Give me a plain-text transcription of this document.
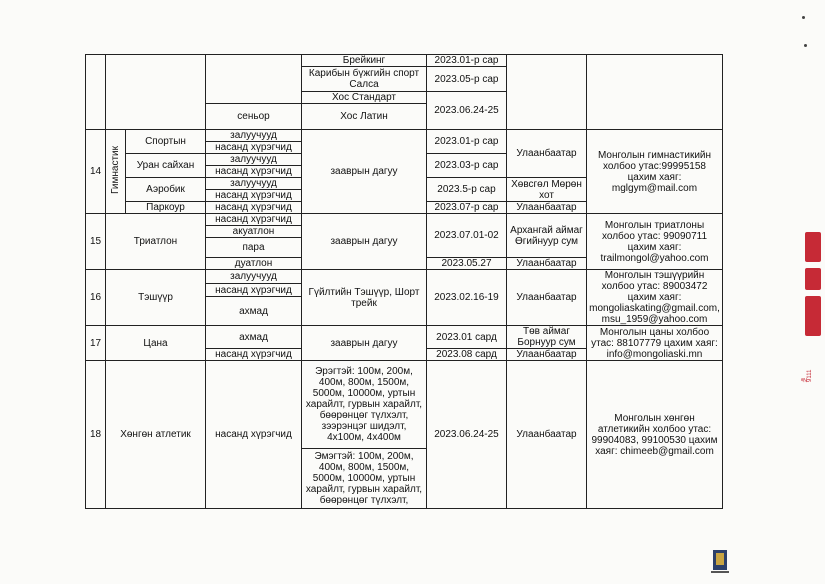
				Брейкинг	2023.01-р сар		
				Карибын бүжгийн спорт Салса	2023.05-р сар		
				Хос Стандарт	2023.06.24-25		
			сеньор	Хос Латин			

14	Гимнастик	Спортын	залуучууд	зааврын дагуу	2023.01-р сар	Улаанбаатар	Монголын гимнастикийн холбоо утас:99995158 цахим хаяг: mglgym@mail.com
			насанд хүрэгчид				
		Уран сайхан	залуучууд		2023.03-р сар		
			насанд хүрэгчид				
		Аэробик	залуучууд		2023.5-р сар	Хөвсгөл Мөрөн хот	
			насанд хүрэгчид				
		Паркоур	насанд хүрэгчид		2023.07-р сар	Улаанбаатар	
15	Триатлон		насанд хүрэгчид	зааврын дагуу	2023.07.01-02	Архангай аймаг Өгийнуур сум	Монголын триатлоны холбоо утас: 99090711 цахим хаяг: trailmongol@yahoo.com
			акуатлон				
			пара				
			дуатлон		2023.05.27	Улаанбаатар	
16	Тэшүүр		залуучууд	Гүйлтийн Тэшүүр, Шорт трейк	2023.02.16-19	Улаанбаатар	Монголын тэшүүрийн холбоо утас: 89003472 цахим хаяг: mongoliaskating@gmail.com, msu_1959@yahoo.com
			насанд хүрэгчид				
			ахмад				
17	Цана		ахмад	зааврын дагуу	2023.01 сард	Төв аймаг Борнуур сум	Монголын цаны холбоо утас: 88107779 цахим хаяг: info@mongoliaski.mn
			насанд хүрэгчид		2023.08 сард	Улаанбаатар	
18	Хөнгөн атлетик		насанд хүрэгчид	Эрэгтэй: 100м, 200м, 400м, 800м, 1500м, 5000м, 10000м, уртын харайлт, гурвын харайлт, бөөрөнцөг түлхэлт, зээрэнцэг шидэлт, 4х100м, 4х400м	2023.06.24-25	Улаанбаатар	Монголын хөнгөн атлетикийн холбоо утас: 99904083, 99100530 цахим хаяг: chimeeb@gmail.com
				Эмэгтэй: 100м, 200м, 400м, 800м, 1500м, 5000м, 10000м, уртын харайлт, гурвын харайлт, бөөрөнцөг түлхэлт,			
№ 9111
